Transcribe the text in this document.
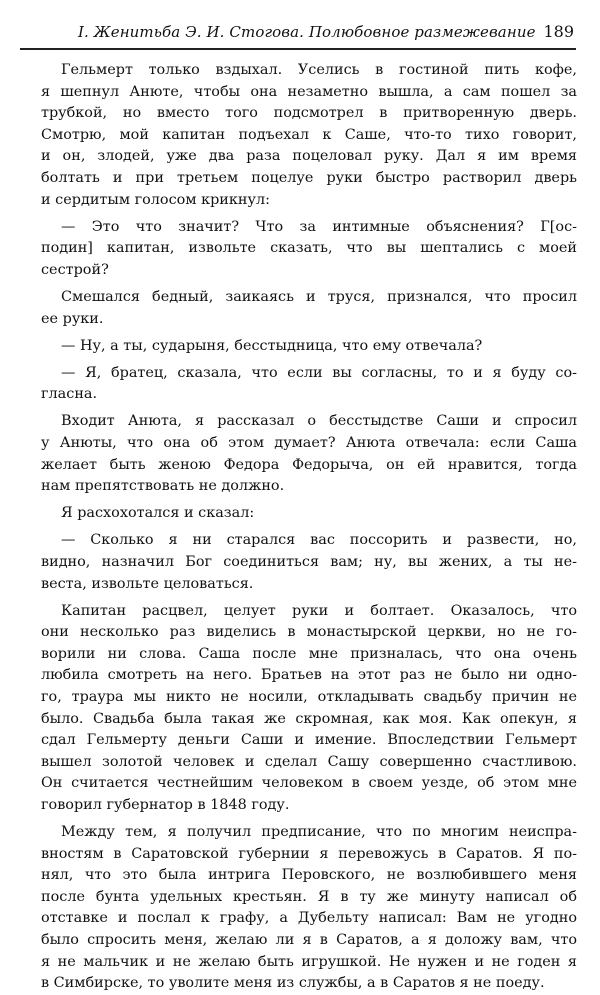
I. Женитьба Э. И. Стогова. Полюбовное размежевание 189
Гельмерт только вздыхал. Уселись в гостиной пить кофе,
я шепнул Анюте, чтобы она незаметно вышла, а сам пошел за
трубкой, но вместо того подсмотрел в притворенную дверь.
Смотрю, мой капитан подъехал к Саше, что-то тихо говорит,
и он, злодей, уже два раза поцеловал руку. Дал я им время
болтать и при третьем поцелуе руки быстро растворил дверь
и сердитым голосом крикнул:
— Это что значит? Что за интимные объяснения? Г[ос-
подин] капитан, извольте сказать, что вы шептались с моей
сестрой?
Смешался бедный, заикаясь и труся, признался, что просил
ее руки.
— Ну, а ты, сударыня, бесстыдница, что ему отвечала?
— Я, братец, сказала, что если вы согласны, то и я буду со-
гласна.
Входит Анюта, я рассказал о бесстыдстве Саши и спросил
у Анюты, что она об этом думает? Анюта отвечала: если Саша
желает быть женою Федора Федорыча, он ей нравится, тогда
нам препятствовать не должно.
Я расхохотался и сказал:
— Сколько я ни старался вас поссорить и развести, но,
видно, назначил Бог соединиться вам; ну, вы жених, а ты не-
веста, извольте целоваться.
Капитан расцвел, целует руки и болтает. Оказалось, что
они несколько раз виделись в монастырской церкви, но не го-
ворили ни слова. Саша после мне призналась, что она очень
любила смотреть на него. Братьев на этот раз не было ни одно-
го, траура мы никто не носили, откладывать свадьбу причин не
было. Свадьба была такая же скромная, как моя. Как опекун, я
сдал Гельмерту деньги Саши и имение. Впоследствии Гельмерт
вышел золотой человек и сделал Сашу совершенно счастливою.
Он считается честнейшим человеком в своем уезде, об этом мне
говорил губернатор в 1848 году.
Между тем, я получил предписание, что по многим неиспра-
вностям в Саратовской губернии я перевожусь в Саратов. Я по-
нял, что это была интрига Перовского, не возлюбившего меня
после бунта удельных крестьян. Я в ту же минуту написал об
отставке и послал к графу, а Дубельту написал: Вам не угодно
было спросить меня, желаю ли я в Саратов, а я доложу вам, что
я не мальчик и не желаю быть игрушкой. Не нужен и не годен я
в Симбирске, то уволите меня из службы, а в Саратов я не поеду.
